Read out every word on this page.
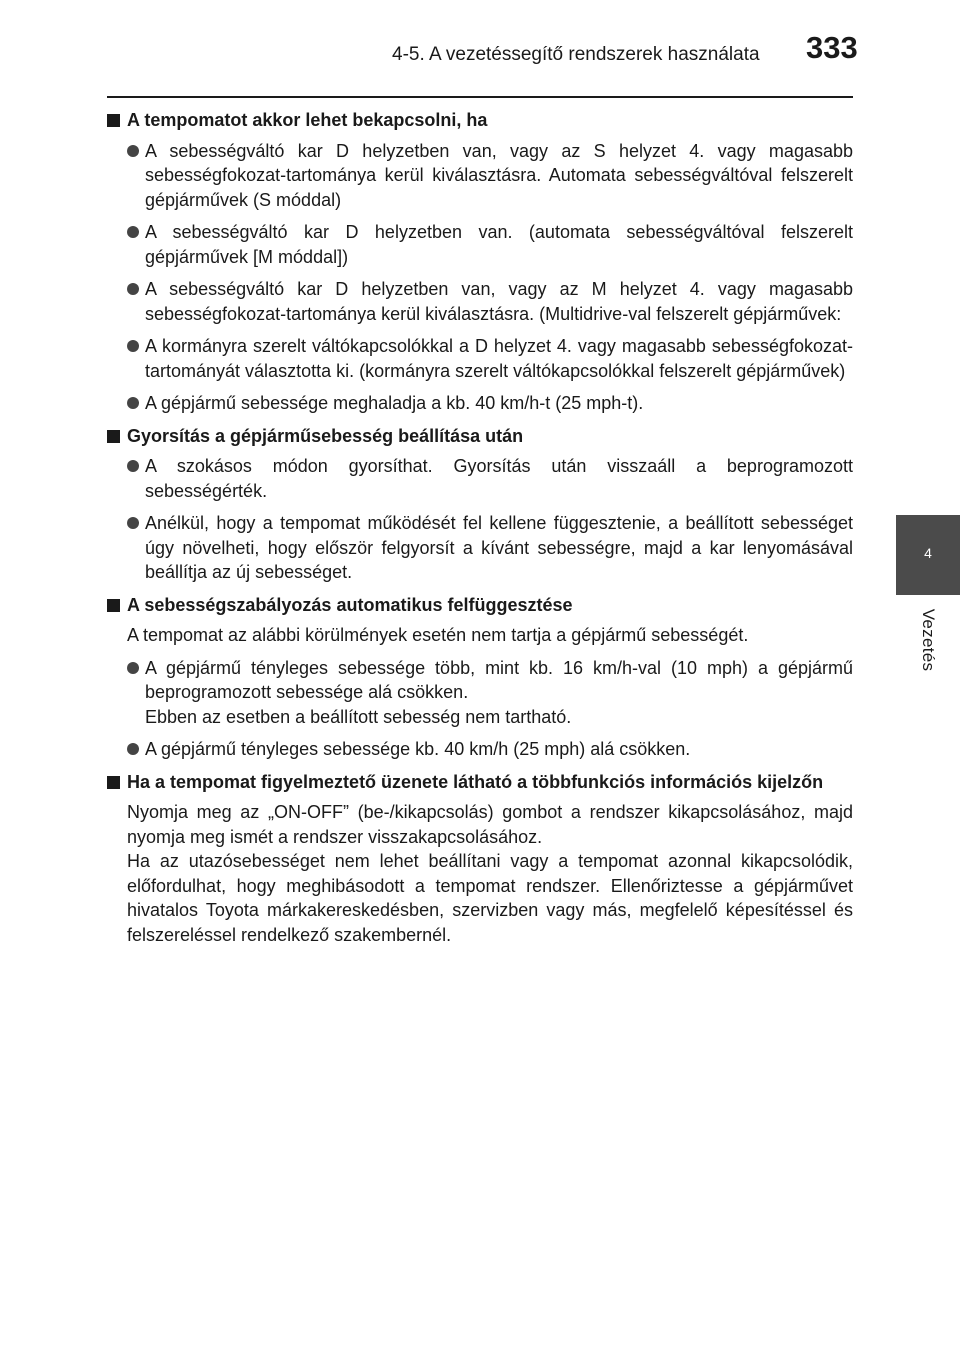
4-5. A vezetéssegítő rendszerek használata 333
4
Vezetés
A tempomatot akkor lehet bekapcsolni, ha
A sebességváltó kar D helyzetben van, vagy az S helyzet 4. vagy magasabb sebességfokozat-tartománya kerül kiválasztásra. Automata sebességváltóval felszerelt gépjárművek (S móddal)
A sebességváltó kar D helyzetben van. (automata sebességváltóval felszerelt gépjárművek [M móddal])
A sebességváltó kar D helyzetben van, vagy az M helyzet 4. vagy magasabb sebességfokozat-tartománya kerül kiválasztásra. (Multidrive-val felszerelt gépjárművek:
A kormányra szerelt váltókapcsolókkal a D helyzet 4. vagy magasabb sebességfokozat-tartományát választotta ki. (kormányra szerelt váltókapcsolókkal felszerelt gépjárművek)
A gépjármű sebessége meghaladja a kb. 40 km/h-t (25 mph-t).
Gyorsítás a gépjárműsebesség beállítása után
A szokásos módon gyorsíthat. Gyorsítás után visszaáll a beprogramozott sebességérték.
Anélkül, hogy a tempomat működését fel kellene függesztenie, a beállított sebességet úgy növelheti, hogy először felgyorsít a kívánt sebességre, majd a kar lenyomásával beállítja az új sebességet.
A sebességszabályozás automatikus felfüggesztése
A tempomat az alábbi körülmények esetén nem tartja a gépjármű sebességét.
A gépjármű tényleges sebessége több, mint kb. 16 km/h-val (10 mph) a gépjármű beprogramozott sebessége alá csökken.
Ebben az esetben a beállított sebesség nem tartható.
A gépjármű tényleges sebessége kb. 40 km/h (25 mph) alá csökken.
Ha a tempomat figyelmeztető üzenete látható a többfunkciós információs kijelzőn
Nyomja meg az „ON-OFF” (be-/kikapcsolás) gombot a rendszer kikapcsolásához, majd nyomja meg ismét a rendszer visszakapcsolásához.
Ha az utazósebességet nem lehet beállítani vagy a tempomat azonnal kikapcsolódik, előfordulhat, hogy meghibásodott a tempomat rendszer. Ellenőriztesse a gépjárművet hivatalos Toyota márkakereskedésben, szervizben vagy más, megfelelő képesítéssel és felszereléssel rendelkező szakembernél.
